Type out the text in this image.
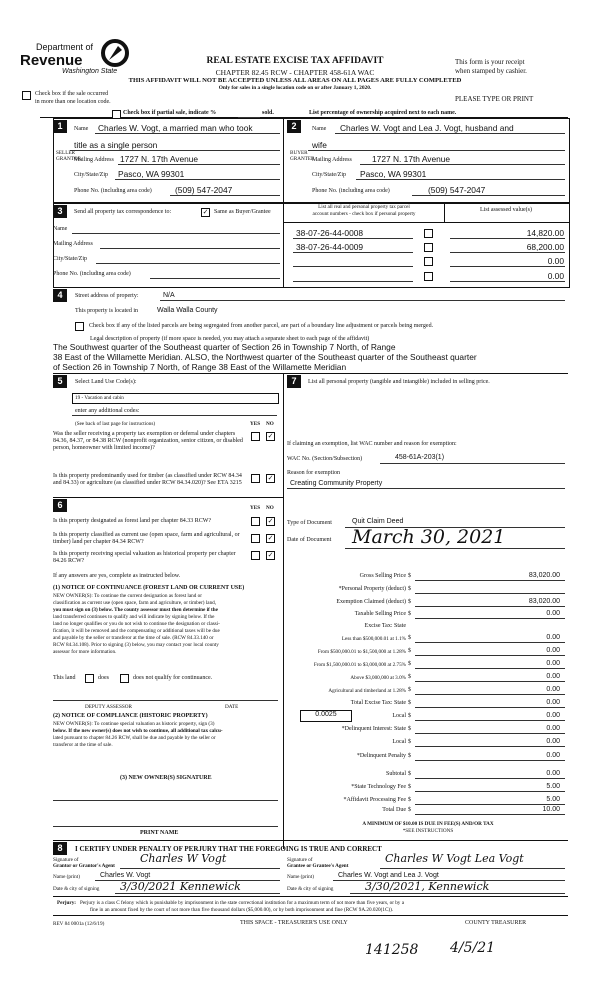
Department of
Revenue
Washington State
REAL ESTATE EXCISE TAX AFFIDAVIT
CHAPTER 82.45 RCW - CHAPTER 458-61A WAC
THIS AFFIDAVIT WILL NOT BE ACCEPTED UNLESS ALL AREAS ON ALL PAGES ARE FULLY COMPLETED
Only for sales in a single location code on or after January 1, 2020.
This form is your receipt
when stamped by cashier.
PLEASE TYPE OR PRINT
Check box if the sale occurred
in more than one location code.
Check box if partial sale, indicate %	sold.	List percentage of ownership acquired next to each name.
1
SELLER GRANTOR
Name Charles W. Vogt, a married man who took
title as a single person
Mailing Address 1727 N. 17th Avenue
City/State/Zip Pasco, WA 99301
Phone No. (including area code)	(509) 547-2047
2
BUYER GRANTEE
Name Charles W. Vogt and Lea J. Vogt, husband and
wife
Mailing Address 1727 N. 17th Avenue
City/State/Zip Pasco, WA 99301
Phone No. (including area code)	(509) 547-2047
3	Send all property tax correspondence to:	✓ Same as Buyer/Grantee
List all real and personal property tax parcel
account numbers - check box if personal property
List assessed value(s)
Name
Mailing Address
City/State/Zip
Phone No. (including area code)
38-07-26-44-0008	14,820.00
38-07-26-44-0009	68,200.00
0.00
0.00
4	Street address of property:	N/A
This property is located in	Walla Walla County
Check box if any of the listed parcels are being segregated from another parcel, are part of a boundary line adjustment or parcels being merged.
Legal description of property (if more space is needed, you may attach a separate sheet to each page of the affidavit)
The Southwest quarter of the Southeast quarter of Section 26 in Township 7 North, of Range
38 East of the Willamette Meridian. ALSO, the Northwest quarter of the Southeast quarter of the Southeast quarter
of Section 26 in Township 7 North, of Range 38 East of the Willamette Meridian
5	Select Land Use Code(s):
19 - Vacation and cabin
enter any additional codes:
(See back of last page for instructions)	YES NO
Was the seller receiving a property tax exemption or deferral under chapters 84.36, 84.37, or 84.38 RCW (nonprofit organization, senior citizen, or disabled person, homeowner with limited income)?
✓
Is this property predominantly used for timber (as classified under RCW 84.34 and 84.33) or agriculture (as classified under RCW 84.34.020)? See ETA 3215
✓
7	List all personal property (tangible and intangible) included in selling price.
If claiming an exemption, list WAC number and reason for exemption:
WAC No. (Section/Subsection)	458-61A-203(1)
Reason for exemption
Creating Community Property
6	YES NO
Is this property designated as forest land per chapter 84.33 RCW?	✓
Is this property classified as current use (open space, farm and agricultural, or timber) land per chapter 84.34 RCW?	✓
Is this property receiving special valuation as historical property per chapter 84.26 RCW?
✓
If any answers are yes, complete as instructed below.
(1) NOTICE OF CONTINUANCE (FOREST LAND OR CURRENT USE)
NEW OWNER(S): To continue the current designation as forest land or
classification as current use (open space, farm and agriculture, or timber) land,
you must sign on (3) below. The county assessor must then determine if the
land transferred continues to qualify and will indicate by signing below. If the
land no longer qualifies or you do not wish to continue the designation or classi-
fication, it will be removed and the compensating or additional taxes will be due
and payable by the seller or transferor at the time of sale. (RCW 84.33.140 or
RCW 84.34.108). Prior to signing (3) below, you may contact your local county
assessor for more information.
This land	does	does not qualify for continuance.
DEPUTY ASSESSOR	DATE
(2) NOTICE OF COMPLIANCE (HISTORIC PROPERTY)
NEW OWNER(S): To continue special valuation as historic property, sign (3)
below. If the new owner(s) does not wish to continue, all additional tax calcu-
lated pursuant to chapter 84.26 RCW, shall be due and payable by the seller or
transferor at the time of sale.
(3) NEW OWNER(S) SIGNATURE
PRINT NAME
Type of Document	Quit Claim Deed
Date of Document March 30, 2021
Gross Selling Price $	83,020.00
*Personal Property (deduct) $
Exemption Claimed (deduct) $	83,020.00
Taxable Selling Price $	0.00
Excise Tax: State
Less than $500,000.01 at 1.1% $	0.00
From $500,000.01 to $1,500,000 at 1.28% $	0.00
From $1,500,000.01 to $3,000,000 at 2.75% $	0.00
Above $3,000,000 at 3.0% $	0.00
Agricultural and timberland at 1.28% $	0.00
Total Excise Tax: State $	0.00
0.0025	Local $	0.00
*Delinquent Interest: State $	0.00
Local $	0.00
*Delinquent Penalty $	0.00
Subtotal $	0.00
*State Technology Fee $	5.00
*Affidavit Processing Fee $	5.00
Total Due $	10.00
A MINIMUM OF $10.00 IS DUE IN FEE(S) AND/OR TAX
*SEE INSTRUCTIONS
8	I CERTIFY UNDER PENALTY OF PERJURY THAT THE FOREGOING IS TRUE AND CORRECT
Signature of
Grantor or Grantor's Agent
Charles W Vogt
Name (print)	Charles W. Vogt
Date & city of signing 3/30/2021 Kennewick
Signature of
Grantee or Grantee's Agent
Charles W Vogt Lea Vogt
Name (print)	Charles W. Vogt and Lea J. Vogt
Date & city of signing	3/30/2021, Kennewick
Perjury: Perjury is a class C felony which is punishable by imprisonment in the state correctional institution for a maximum term of not more than five years, or by a
fine in an amount fixed by the court of not more than five thousand dollars ($5,000.00), or by both imprisonment and fine (RCW 9A.20.020(1C)).
REV 84 0001a (12/6/19)	THIS SPACE - TREASURER'S USE ONLY	COUNTY TREASURER
141258 4/5/21
